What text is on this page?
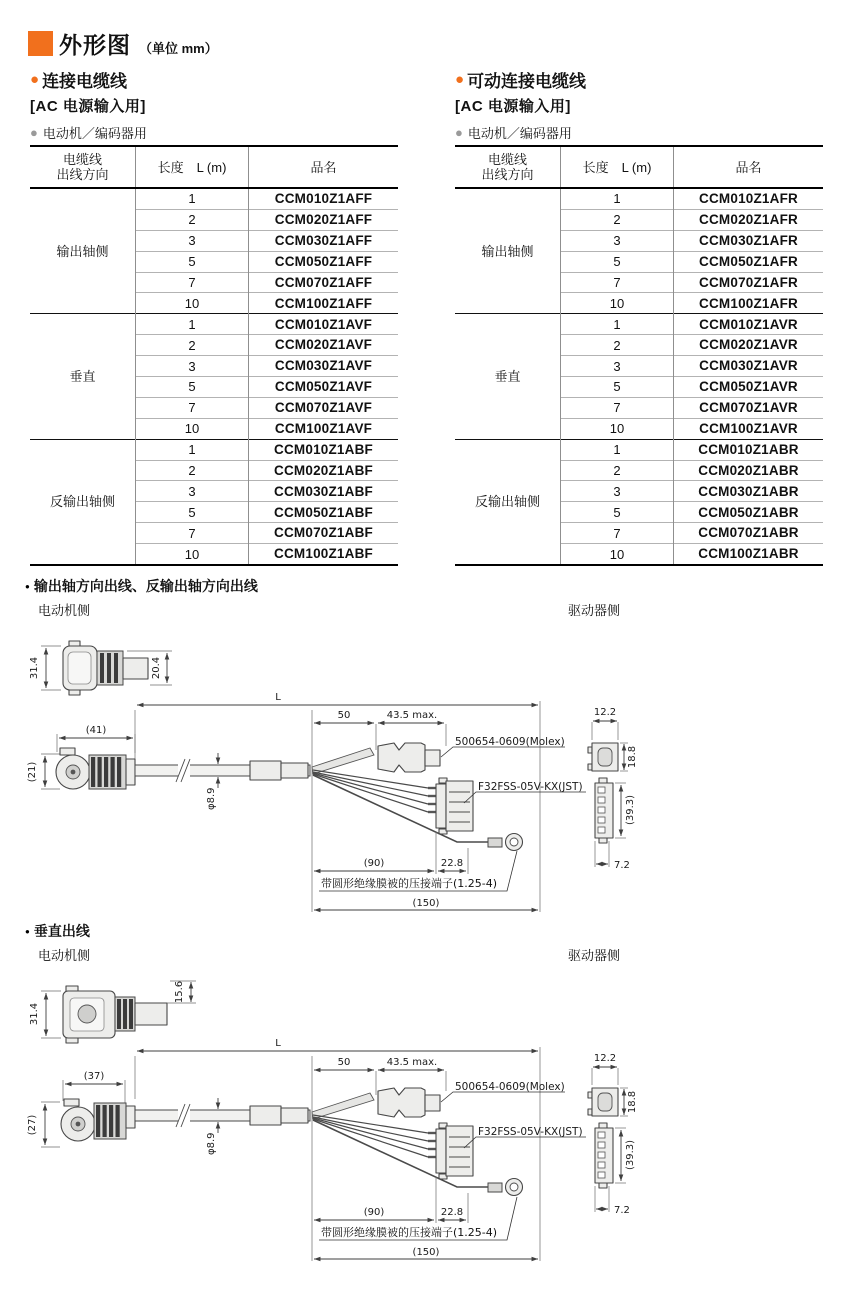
外形图 （单位 mm）
● 连接电缆线
[AC 电源输入用]
● 电动机／编码器用
● 可动连接电缆线
[AC 电源输入用]
● 电动机／编码器用
电缆线
出线方向	长度　L (m)	品名
输出轴侧	1	CCM010Z1AFF
	2	CCM020Z1AFF
	3	CCM030Z1AFF
	5	CCM050Z1AFF
	7	CCM070Z1AFF
	10	CCM100Z1AFF
垂直	1	CCM010Z1AVF
	2	CCM020Z1AVF
	3	CCM030Z1AVF
	5	CCM050Z1AVF
	7	CCM070Z1AVF
	10	CCM100Z1AVF
反输出轴侧	1	CCM010Z1ABF
	2	CCM020Z1ABF
	3	CCM030Z1ABF
	5	CCM050Z1ABF
	7	CCM070Z1ABF
	10	CCM100Z1ABF
电缆线
出线方向	长度　L (m)	品名
输出轴侧	1	CCM010Z1AFR
	2	CCM020Z1AFR
	3	CCM030Z1AFR
	5	CCM050Z1AFR
	7	CCM070Z1AFR
	10	CCM100Z1AFR
垂直	1	CCM010Z1AVR
	2	CCM020Z1AVR
	3	CCM030Z1AVR
	5	CCM050Z1AVR
	7	CCM070Z1AVR
	10	CCM100Z1AVR
反输出轴侧	1	CCM010Z1ABR
	2	CCM020Z1ABR
	3	CCM030Z1ABR
	5	CCM050Z1ABR
	7	CCM070Z1ABR
	10	CCM100Z1ABR
● 输出轴方向出线、反输出轴方向出线
电动机侧	驱动器侧
31.4	20.4
L
50	43.5 max.
(41)
(21)
φ8.9
500654-0609(Molex)
F32FSS-05V-KX(JST)
带圆形绝缘膜被的压接端子(1.25-4)
(90)	22.8
(150)
12.2
18.8
(39.3)
7.2
● 垂直出线
电动机侧	驱动器侧
31.4
15.6
L
50	43.5 max.
(37)
(27)
φ8.9
500654-0609(Molex)
F32FSS-05V-KX(JST)
带圆形绝缘膜被的压接端子(1.25-4)
(90)	22.8
(150)
12.2
18.8
(39.3)
7.2
